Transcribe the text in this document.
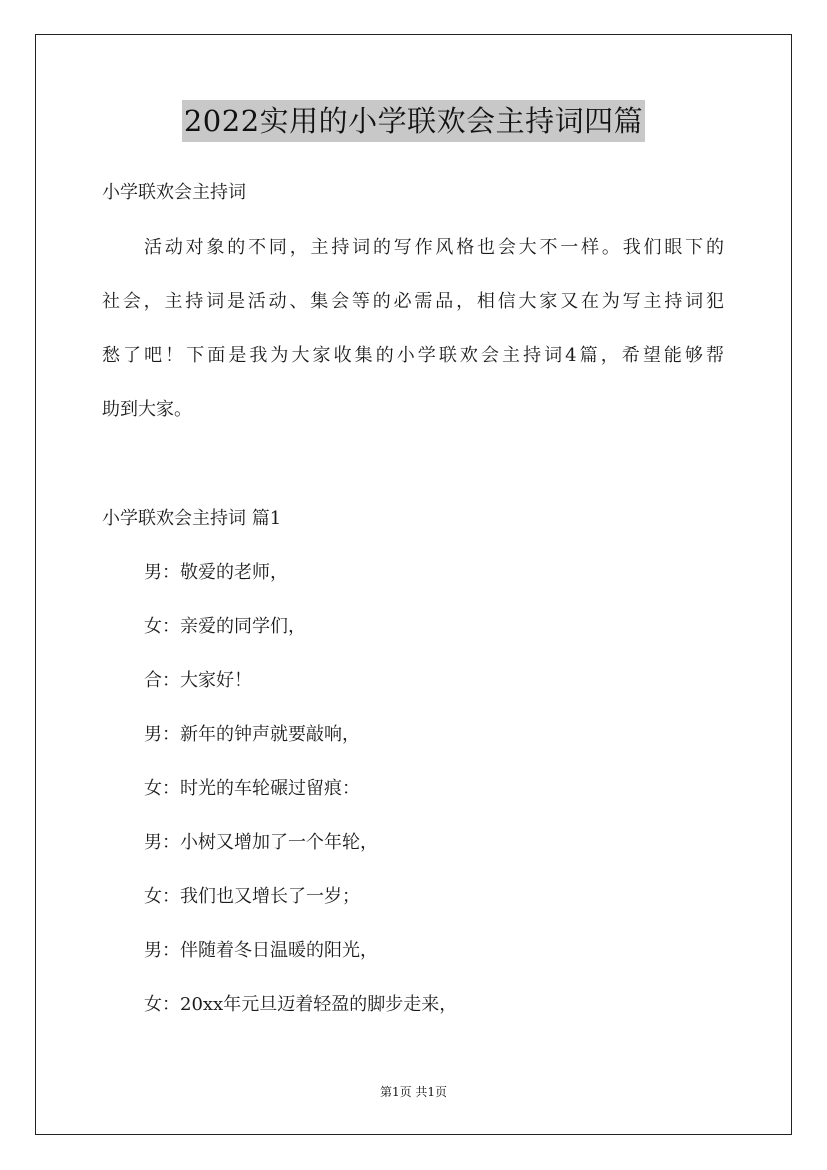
2022实用的小学联欢会主持词四篇
小学联欢会主持词
活动对象的不同，主持词的写作风格也会大不一样。我们眼下的
社会，主持词是活动、集会等的必需品，相信大家又在为写主持词犯
愁了吧！下面是我为大家收集的小学联欢会主持词4篇，希望能够帮
助到大家。
小学联欢会主持词 篇1
男：敬爱的老师，
女：亲爱的同学们，
合：大家好！
男：新年的钟声就要敲响，
女：时光的车轮碾过留痕：
男：小树又增加了一个年轮，
女：我们也又增长了一岁；
男：伴随着冬日温暖的阳光，
女：20xx年元旦迈着轻盈的脚步走来，
第1页 共1页
